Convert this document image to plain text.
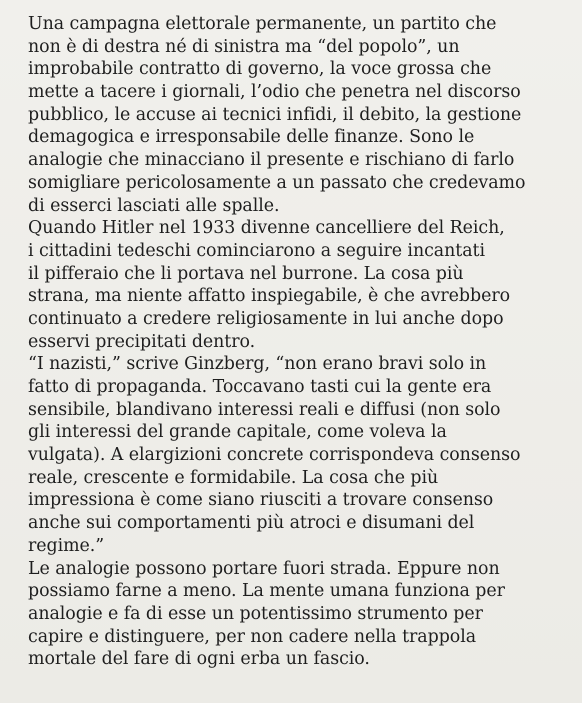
Una campagna elettorale permanente, un partito che
non è di destra né di sinistra ma “del popolo”, un
improbabile contratto di governo, la voce grossa che
mette a tacere i giornali, l’odio che penetra nel discorso
pubblico, le accuse ai tecnici infidi, il debito, la gestione
demagogica e irresponsabile delle finanze. Sono le
analogie che minacciano il presente e rischiano di farlo
somigliare pericolosamente a un passato che credevamo
di esserci lasciati alle spalle.
Quando Hitler nel 1933 divenne cancelliere del Reich,
i cittadini tedeschi cominciarono a seguire incantati
il pifferaio che li portava nel burrone. La cosa più
strana, ma niente affatto inspiegabile, è che avrebbero
continuato a credere religiosamente in lui anche dopo
esservi precipitati dentro.
“I nazisti,” scrive Ginzberg, “non erano bravi solo in
fatto di propaganda. Toccavano tasti cui la gente era
sensibile, blandivano interessi reali e diffusi (non solo
gli interessi del grande capitale, come voleva la
vulgata). A elargizioni concrete corrispondeva consenso
reale, crescente e formidabile. La cosa che più
impressiona è come siano riusciti a trovare consenso
anche sui comportamenti più atroci e disumani del
regime.”
Le analogie possono portare fuori strada. Eppure non
possiamo farne a meno. La mente umana funziona per
analogie e fa di esse un potentissimo strumento per
capire e distinguere, per non cadere nella trappola
mortale del fare di ogni erba un fascio.
